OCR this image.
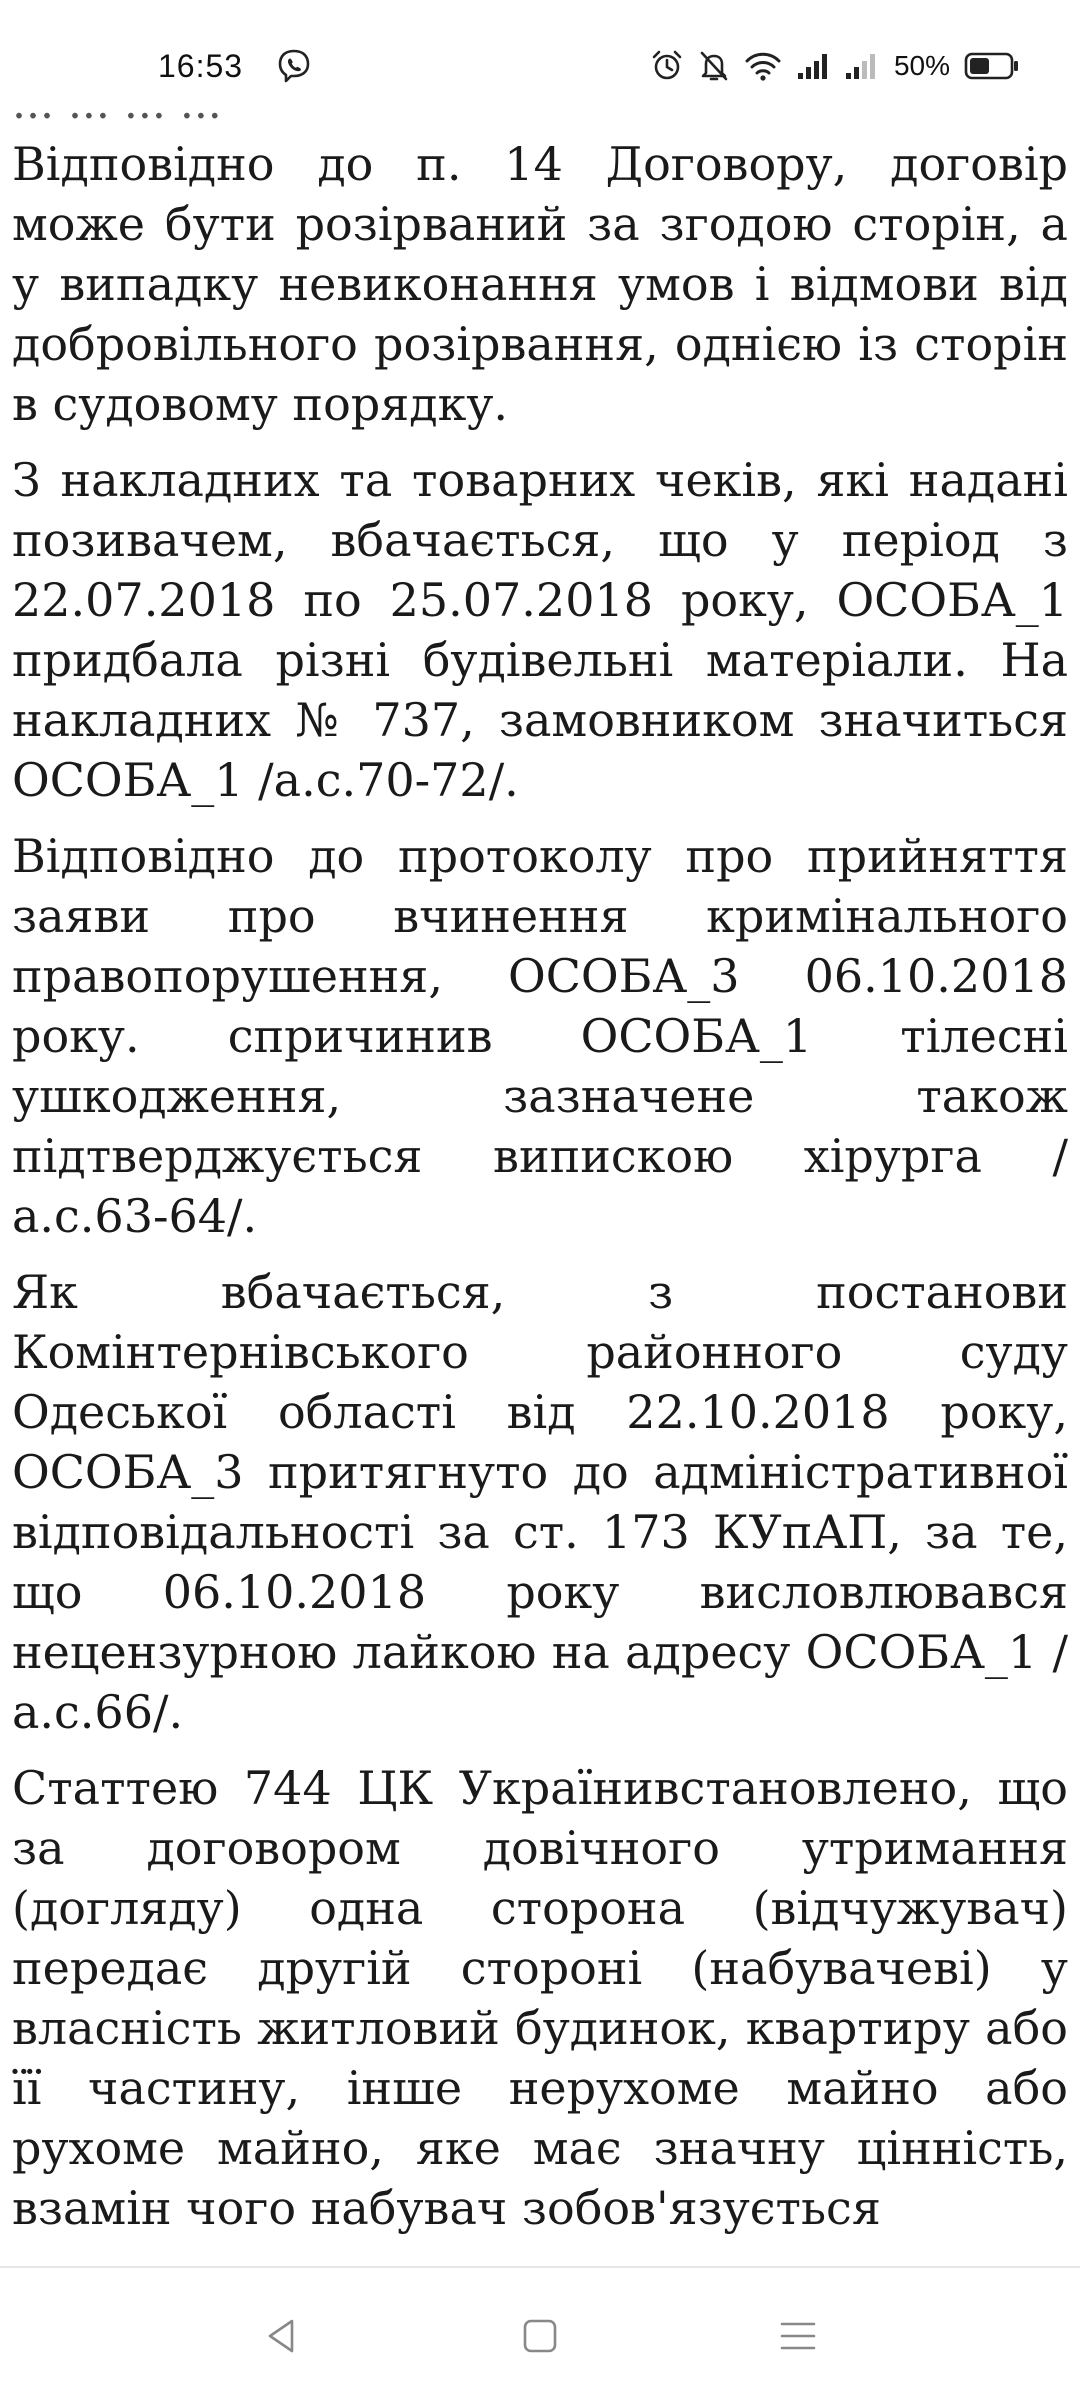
16:53	50%
... ... ... ...

Відповідно до п. 14 Договору, договір може бути розірваний за згодою сторін, а у випадку невиконання умов і відмови від добровільного розірвання, однією із сторін в судовому порядку.

З накладних та товарних чеків, які надані позивачем, вбачається, що у період з 22.07.2018 по 25.07.2018 року, ОСОБА_1 придбала різні будівельні матеріали. На накладних № 737, замовником значиться ОСОБА_1 /а.с.70-72/.

Відповідно до протоколу про прийняття заяви про вчинення кримінального правопорушення, ОСОБА_3 06.10.2018 року. спричинив ОСОБА_1 тілесні ушкодження, зазначене також підтверджується випискою хірурга / а.с.63-64/.

Як вбачається, з постанови Комінтернівського районного суду Одеської області від 22.10.2018 року, ОСОБА_3 притягнуто до адміністративної відповідальності за ст. 173 КУпАП, за те, що 06.10.2018 року висловлювався нецензурною лайкою на адресу ОСОБА_1 /а.с.66/.

Статтею 744 ЦК Українивстановлено, що за договором довічного утримання (догляду) одна сторона (відчужувач) передає другій стороні (набувачеві) у власність житловий будинок, квартиру або її частину, інше нерухоме майно або рухоме майно, яке має значну цінність, взамін чого набувач зобов'язується
